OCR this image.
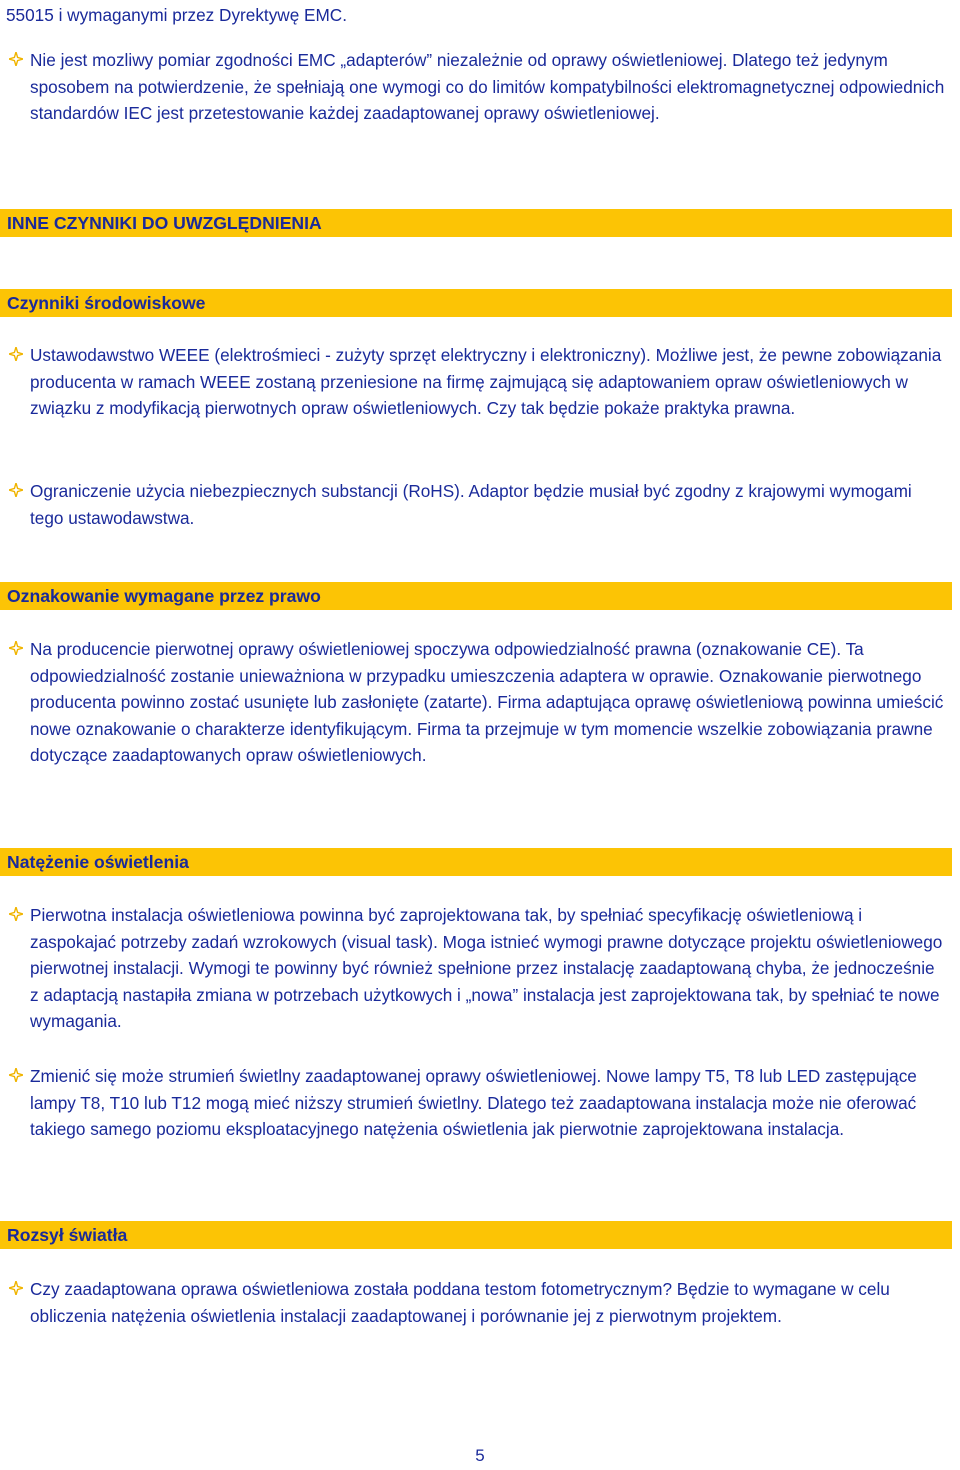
55015 i wymaganymi przez Dyrektywę EMC.

Nie jest mozliwy pomiar zgodności EMC „adapterów” niezależnie od oprawy oświetleniowej. Dlatego też jedynym sposobem na potwierdzenie, że spełniają one wymogi co do limitów kompatybilności elektromagnetycznej odpowiednich standardów IEC jest przetestowanie każdej zaadaptowanej oprawy oświetleniowej.
INNE CZYNNIKI DO UWZGLĘDNIENIA
Czynniki środowiskowe
Ustawodawstwo WEEE (elektrośmieci - zużyty sprzęt elektryczny i elektroniczny). Możliwe jest, że pewne zobowiązania producenta w ramach WEEE zostaną przeniesione na firmę zajmującą się adaptowaniem opraw oświetleniowych w związku z modyfikacją pierwotnych opraw oświetleniowych. Czy tak będzie pokaże praktyka prawna.
Ograniczenie użycia niebezpiecznych substancji (RoHS). Adaptor będzie musiał być zgodny z krajowymi wymogami tego ustawodawstwa.
Oznakowanie wymagane przez prawo
Na producencie pierwotnej oprawy oświetleniowej spoczywa odpowiedzialność prawna (oznakowanie CE). Ta odpowiedzialność zostanie unieważniona w przypadku umieszczenia adaptera w oprawie. Oznakowanie pierwotnego producenta powinno zostać usunięte lub zasłonięte (zatarte). Firma adaptująca oprawę oświetleniową powinna umieścić nowe oznakowanie o charakterze identyfikującym. Firma ta przejmuje w tym momencie wszelkie zobowiązania prawne dotyczące zaadaptowanych opraw oświetleniowych.
Natężenie oświetlenia
Pierwotna instalacja oświetleniowa powinna być zaprojektowana tak, by spełniać specyfikację oświetleniową i zaspokajać potrzeby zadań wzrokowych (visual task). Moga istnieć wymogi prawne dotyczące projektu oświetleniowego pierwotnej instalacji. Wymogi te powinny być również spełnione przez instalację zaadaptowaną chyba, że jednocześnie z adaptacją nastapiła zmiana w potrzebach użytkowych i „nowa” instalacja jest zaprojektowana tak, by spełniać te nowe wymagania.
Zmienić się może strumień świetlny zaadaptowanej oprawy oświetleniowej. Nowe lampy T5, T8 lub LED zastępujące lampy T8, T10 lub T12 mogą mieć niższy strumień świetlny. Dlatego też zaadaptowana instalacja może nie oferować takiego samego poziomu eksploatacyjnego natężenia oświetlenia jak pierwotnie zaprojektowana instalacja.
Rozsył światła
Czy zaadaptowana oprawa oświetleniowa została poddana testom fotometrycznym? Będzie to wymagane w celu obliczenia natężenia oświetlenia instalacji zaadaptowanej i porównanie jej z pierwotnym projektem.
5
